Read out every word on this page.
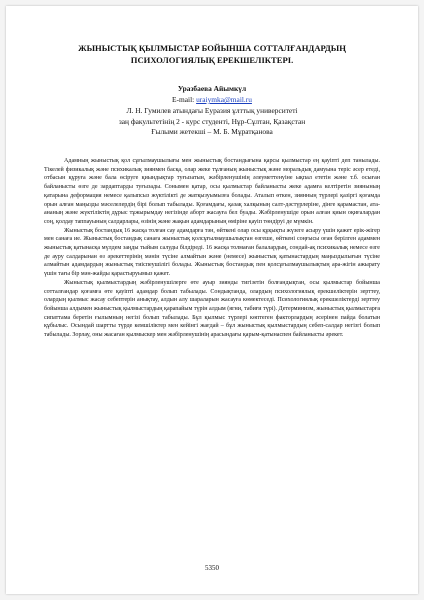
ЖЫНЫСТЫҚ ҚЫЛМЫСТАР БОЙЫНША СОТТАЛҒАНДАРДЫҢ
ПСИХОЛОГИЯЛЫҚ ЕРЕКШЕЛІКТЕРІ.
Уразбаева Айымкүл
E-mail: uraiymka@mail.ru
Л. Н. Гумилев атындағы Еуразия ұлттық университеті
заң факультетінің 2 - курс студенті, Нұр-Сұлтан, Қазақстан
Ғылыми жетекші – М. Б. Мұратқанова

Адамның жыныстық қол сұғылмаушылығы мен жыныстық бостандығына қарсы қылмыстар ең қауіпті деп танылады. Тікелей физикалық және психикалық зиянмен басқа, олар жеке тұлғаның жыныстық және моральдық дамуына теріс әсер етеді, отбасын құруға және бала өсіруге қиындықтар туғызатын, жәбірленушінің әлеуметтенуіне ықпал ететін және т.б. осыған байланысты өзге де зардаптарды туғызады. Сонымен қатар, осы қылмыстар байланысты жеке адамға келтіретін зиянының қатарына деформация немесе қалыпсыз жүктілікті де жатқызуымызға болады. Аталып өткен, зиянның түрлері қазіргі қоғамда орын алған маңызды мәселелердің бірі болып табылады. Қоғамдағы, қазақ халқының салт-дәстүрлеріне, дінге қарамастан, ата-ананың және жүктіліктің дұрыс тұжырымдау негізінде аборт жасауға бел буады. Жәбірленушіде орын алған қиын оқиғалардан соң, қолдау таппауының салдарлары, өзінің және жақын адамдарының өміріне қауіп төндіруі де мүмкін.

Жыныстық бостандық 16 жасқа толған сау адамдарға тән, өйткені олар осы құқықты жүзеге асыру үшін қажет ерік-жігер мен санаға ие. Жыныстық бостандық санаға жыныстық қолсұғылмаушылықтан өзгеше, өйткені соңғысы оған берілген адаммен жыныстық қатынасқа мүлдем заңды тыйым салуды білдіреді. 16 жасқа толмаған балалардың, сондай-ақ психикалық немесе өзге де ауру салдарынан өз әрекеттерінің мәнін түсіне алмайтын және (немесе) жыныстық қатынастардың маңыздылығын түсіне алмайтын адамдардың жыныстық тиіспеушілігі болады. Жыныстық бостандық пен қолсұғылмаушылықтың ара-жігін ажырату үшін тағы бір мән-жайды қарастыруымыз қажет.

Жыныстық қылмыстардың жәбірленушілерге өте ауыр зиянды тигізетін болғандықтан, осы қылмыстар бойынша сотталғандар қоғамға өте қауіпті адамдар болып табылады. Сондықтанда, олардың психологиялық ерекшеліктерін зерттеу, олардың қылмыс жасау себептерін анықтау, алдын алу шараларын жасауға көмектеседі. Психологиялық ерекшеліктерді зерттеу бойынша алдымен жыныстық қылмыстардың қарапайым түрін алдым (ягни, табиғи түрі). Детерминизм, жыныстық қылмыстарға сипаттама беретін ғылымның негізі болып табылады. Бұл қылмыс түрлері көптеген факторлардың әсерінен пайда болатын құбылыс. Осындай шартты түрде кемшіліктер мен кейінгі жағдай – бұл жыныстық қылмыстардың себеп-салдар негізгі болып табылады. Зорлау, оны жасаған қылмыскер мен жәбірленушінің арасындағы қарым-қатынаспен байланысты әрекет.

5350
